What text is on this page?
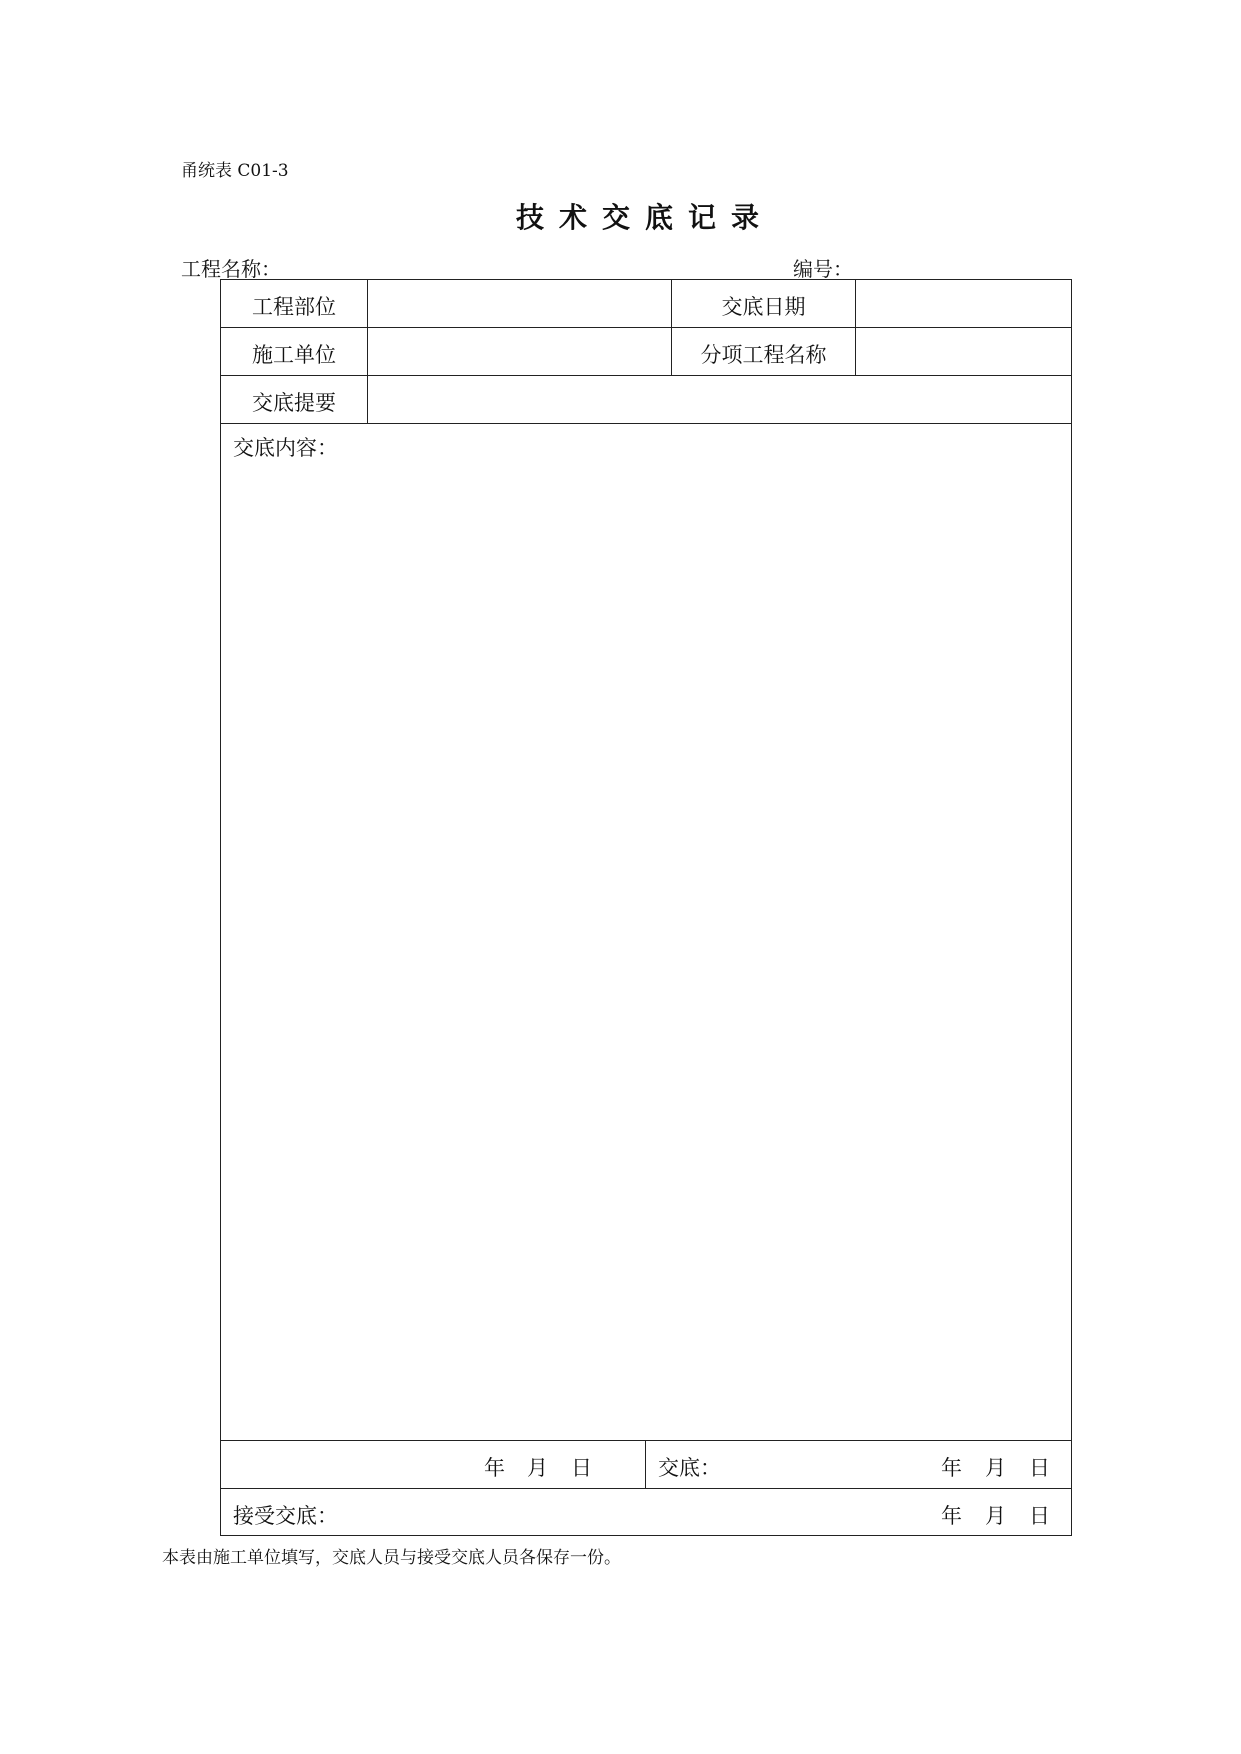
甬统表 C01-3
技术交底记录
工程名称：	编号：
工程部位	交底日期
施工单位	分项工程名称
交底提要
交底内容：
年 月 日	交底：	年 月 日
接受交底：	年 月 日
本表由施工单位填写，交底人员与接受交底人员各保存一份。
